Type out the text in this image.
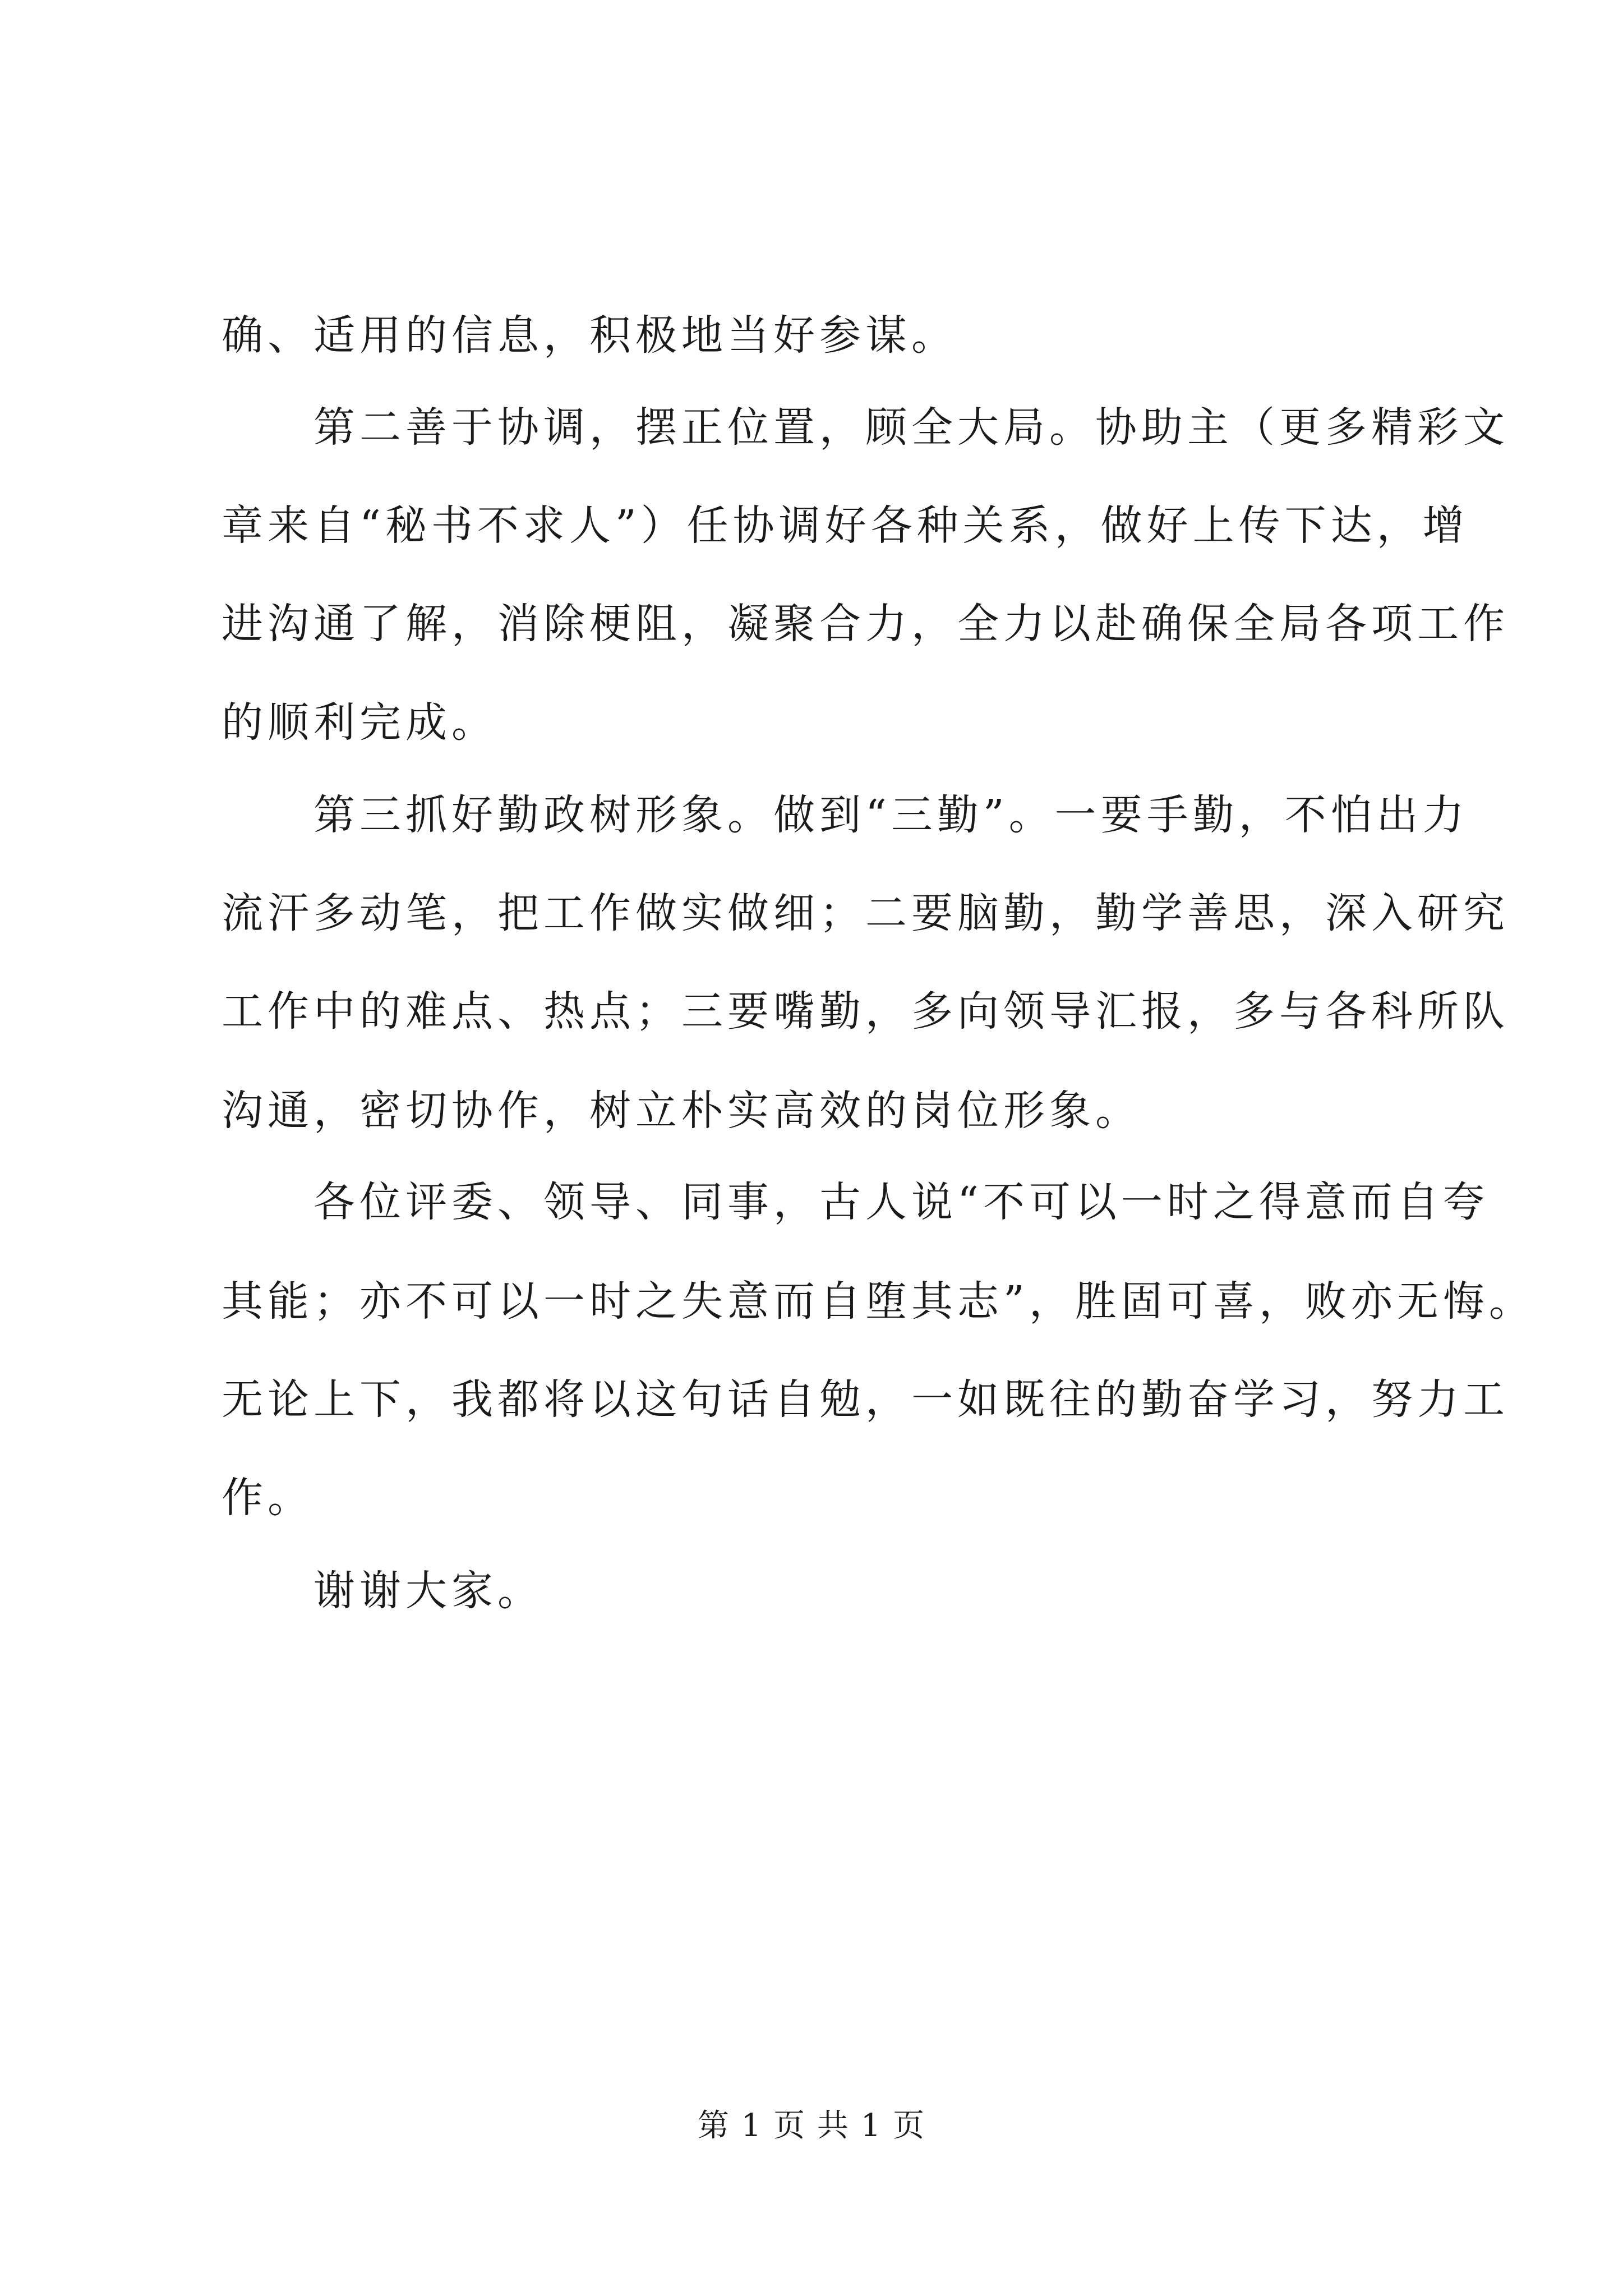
确、适用的信息，积极地当好参谋。
　　第二善于协调，摆正位置，顾全大局。协助主（更多精彩文
章来自“秘书不求人”）任协调好各种关系，做好上传下达，增
进沟通了解，消除梗阻，凝聚合力，全力以赴确保全局各项工作
的顺利完成。
　　第三抓好勤政树形象。做到“三勤”。一要手勤，不怕出力
流汗多动笔，把工作做实做细；二要脑勤，勤学善思，深入研究
工作中的难点、热点；三要嘴勤，多向领导汇报，多与各科所队
沟通，密切协作，树立朴实高效的岗位形象。
　　各位评委、领导、同事，古人说“不可以一时之得意而自夸
其能；亦不可以一时之失意而自堕其志”，胜固可喜，败亦无悔。
无论上下，我都将以这句话自勉，一如既往的勤奋学习，努力工
作。
　　谢谢大家。
第 1 页 共 1 页
